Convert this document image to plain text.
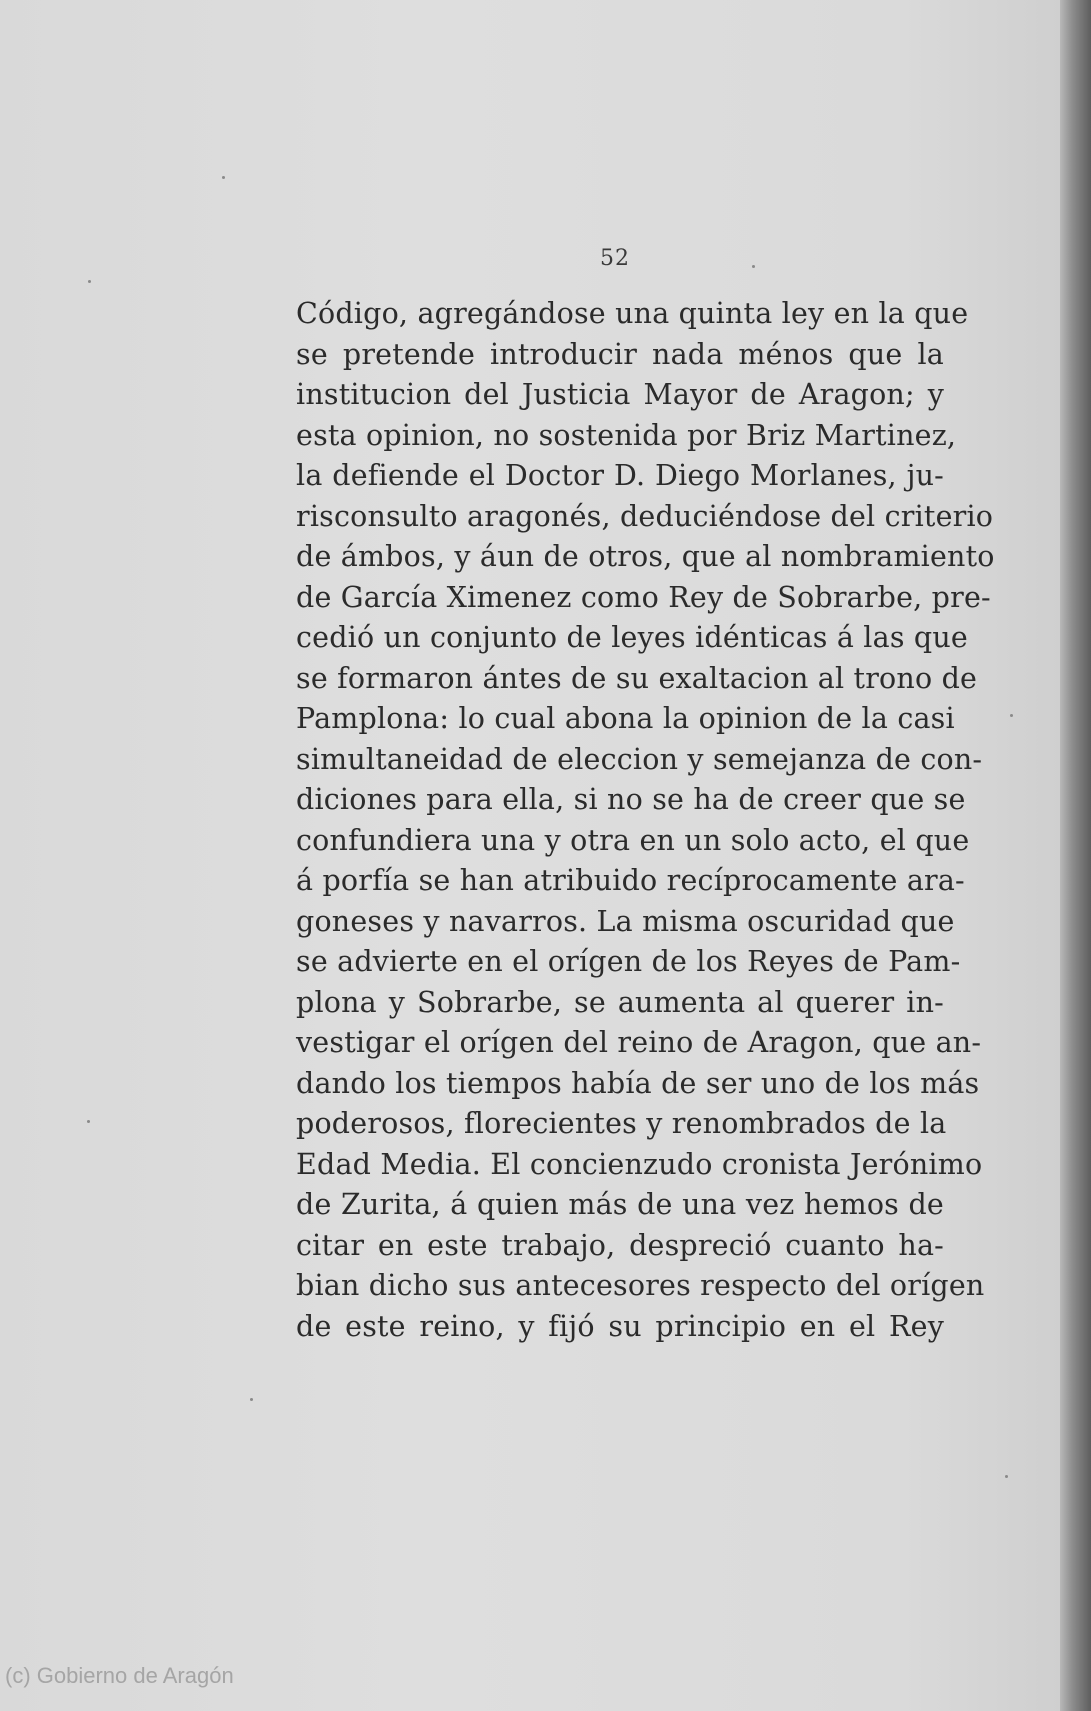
52
Código, agregándose una quinta ley en la que
se pretende introducir nada ménos que la
institucion del Justicia Mayor de Aragon; y
esta opinion, no sostenida por Briz Martinez,
la defiende el Doctor D. Diego Morlanes, ju-
risconsulto aragonés, deduciéndose del criterio
de ámbos, y áun de otros, que al nombramiento
de García Ximenez como Rey de Sobrarbe, pre-
cedió un conjunto de leyes idénticas á las que
se formaron ántes de su exaltacion al trono de
Pamplona: lo cual abona la opinion de la casi
simultaneidad de eleccion y semejanza de con-
diciones para ella, si no se ha de creer que se
confundiera una y otra en un solo acto, el que
á porfía se han atribuido recíprocamente ara-
goneses y navarros. La misma oscuridad que
se advierte en el orígen de los Reyes de Pam-
plona y Sobrarbe, se aumenta al querer in-
vestigar el orígen del reino de Aragon, que an-
dando los tiempos había de ser uno de los más
poderosos, florecientes y renombrados de la
Edad Media. El concienzudo cronista Jerónimo
de Zurita, á quien más de una vez hemos de
citar en este trabajo, despreció cuanto ha-
bian dicho sus antecesores respecto del orígen
de este reino, y fijó su principio en el Rey
(c) Gobierno de Aragón
